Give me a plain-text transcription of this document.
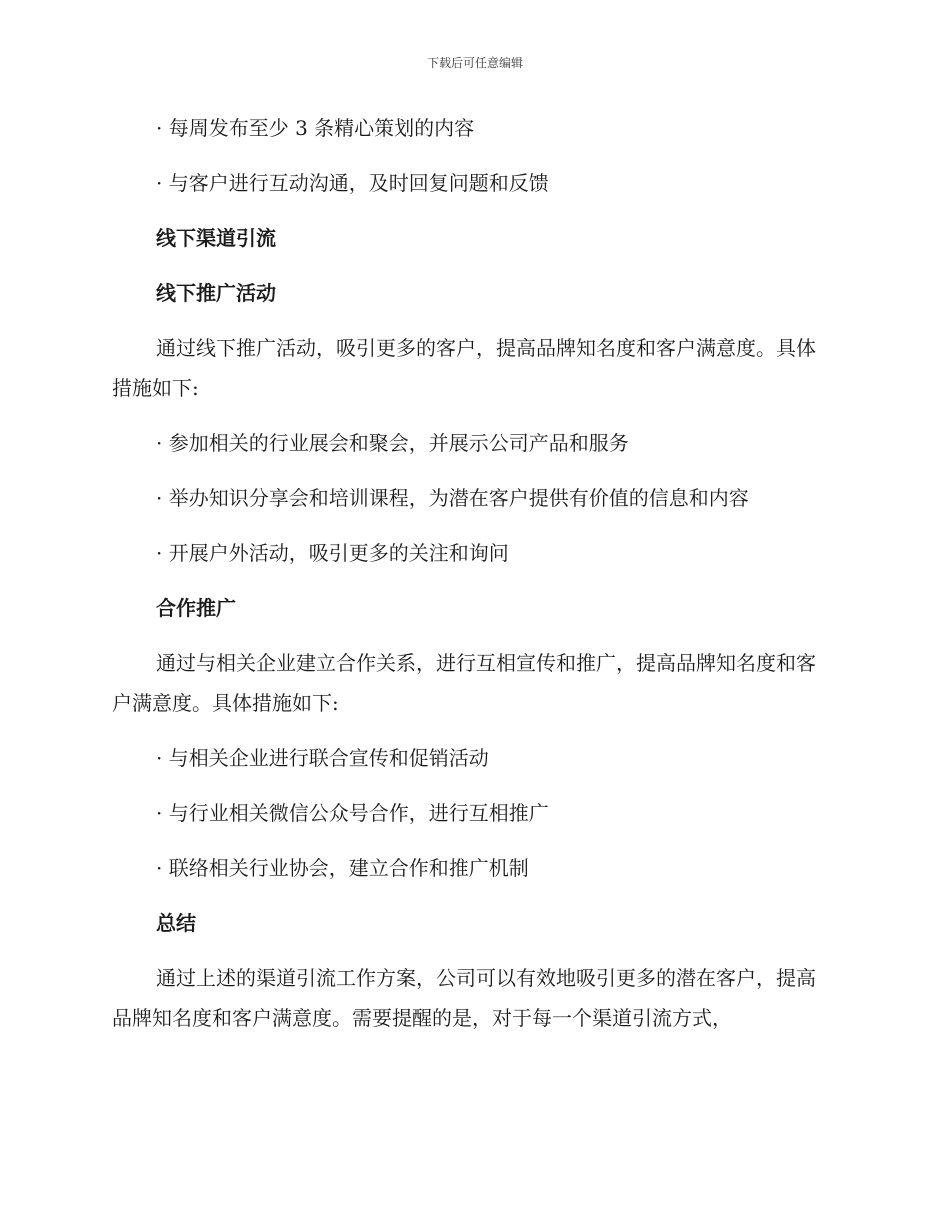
下载后可任意编辑

· 每周发布至少 3 条精心策划的内容

· 与客户进行互动沟通，及时回复问题和反馈

线下渠道引流

线下推广活动

通过线下推广活动，吸引更多的客户，提高品牌知名度和客户满意度。具体措施如下:

· 参加相关的行业展会和聚会，并展示公司产品和服务

· 举办知识分享会和培训课程，为潜在客户提供有价值的信息和内容

· 开展户外活动，吸引更多的关注和询问

合作推广

通过与相关企业建立合作关系，进行互相宣传和推广，提高品牌知名度和客户满意度。具体措施如下:

· 与相关企业进行联合宣传和促销活动

· 与行业相关微信公众号合作，进行互相推广

· 联络相关行业协会，建立合作和推广机制

总结

通过上述的渠道引流工作方案，公司可以有效地吸引更多的潜在客户，提高品牌知名度和客户满意度。需要提醒的是，对于每一个渠道引流方式，
